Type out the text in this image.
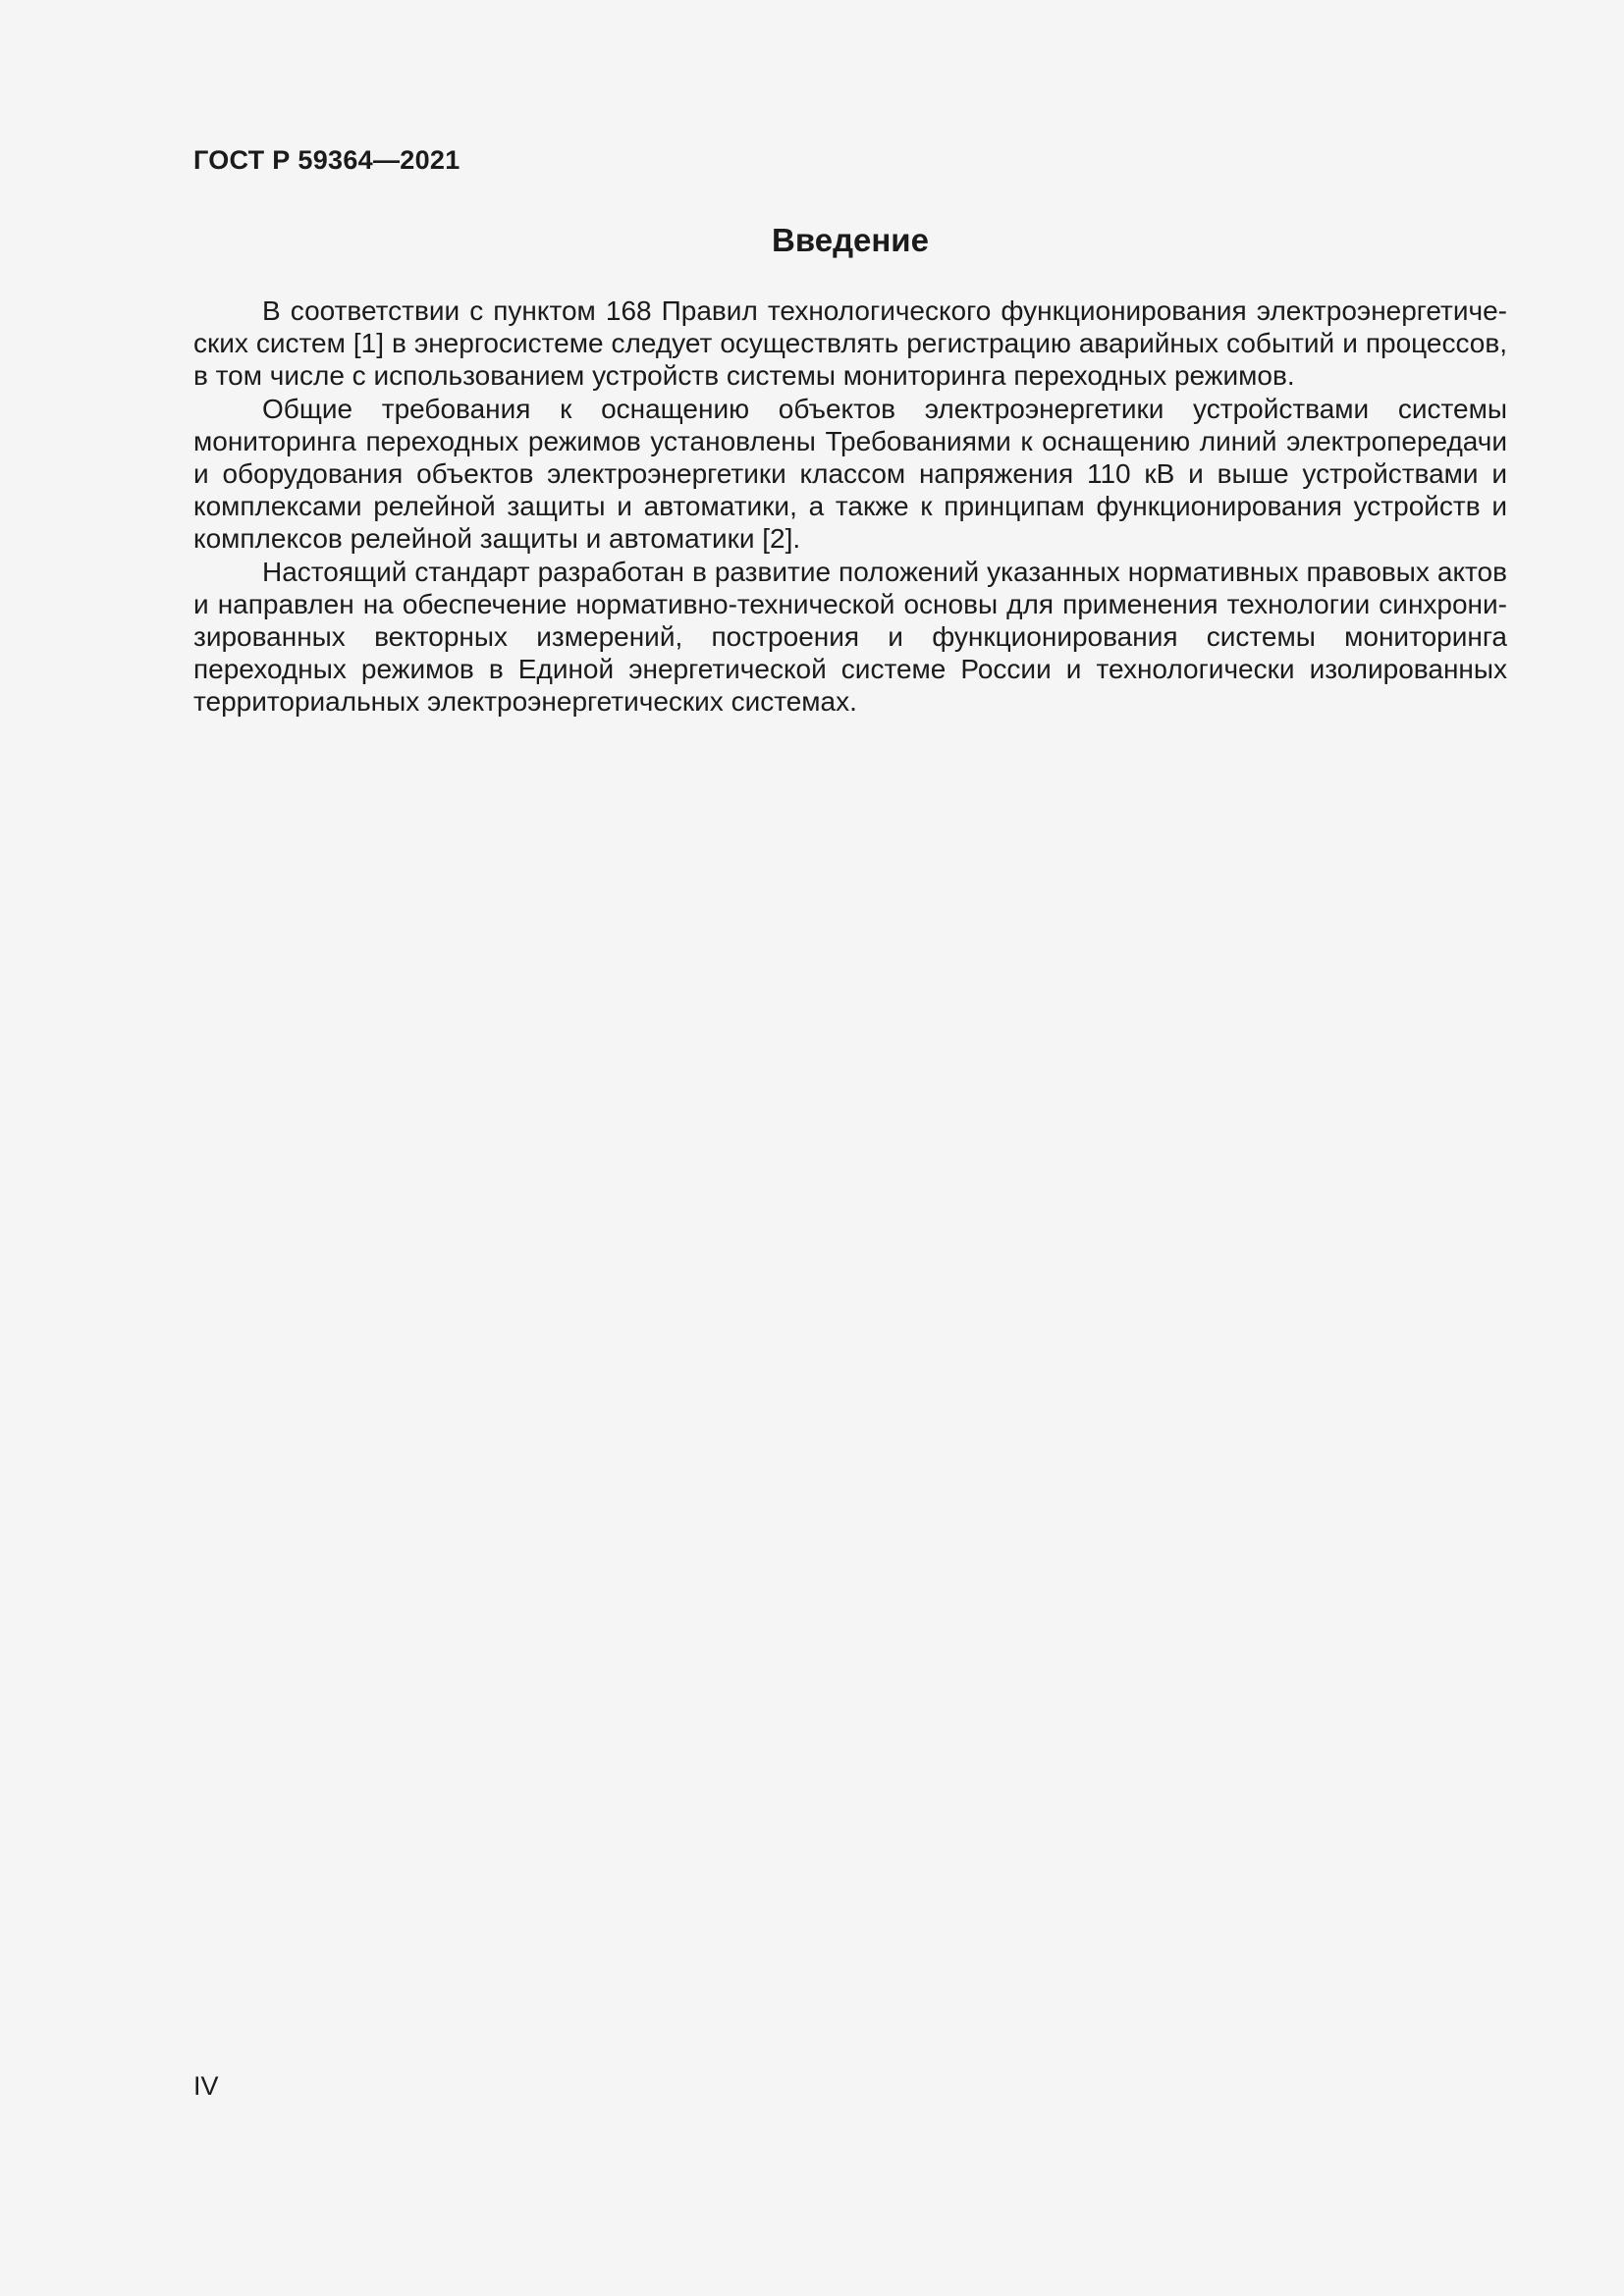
ГОСТ Р 59364—2021
Введение

В соответствии с пунктом 168 Правил технологического функционирования электроэнергетических систем [1] в энергосистеме следует осуществлять регистрацию аварийных событий и процессов, в том числе с использованием устройств системы мониторинга переходных режимов.

Общие требования к оснащению объектов электроэнергетики устройствами системы мониторинга переходных режимов установлены Требованиями к оснащению линий электропередачи и оборудования объектов электроэнергетики классом напряжения 110 кВ и выше устройствами и комплексами релейной защиты и автоматики, а также к принципам функционирования устройств и комплексов релейной защиты и автоматики [2].

Настоящий стандарт разработан в развитие положений указанных нормативных правовых актов и направлен на обеспечение нормативно-технической основы для применения технологии синхронизированных векторных измерений, построения и функционирования системы мониторинга переходных режимов в Единой энергетической системе России и технологически изолированных территориальных электроэнергетических системах.

IV
